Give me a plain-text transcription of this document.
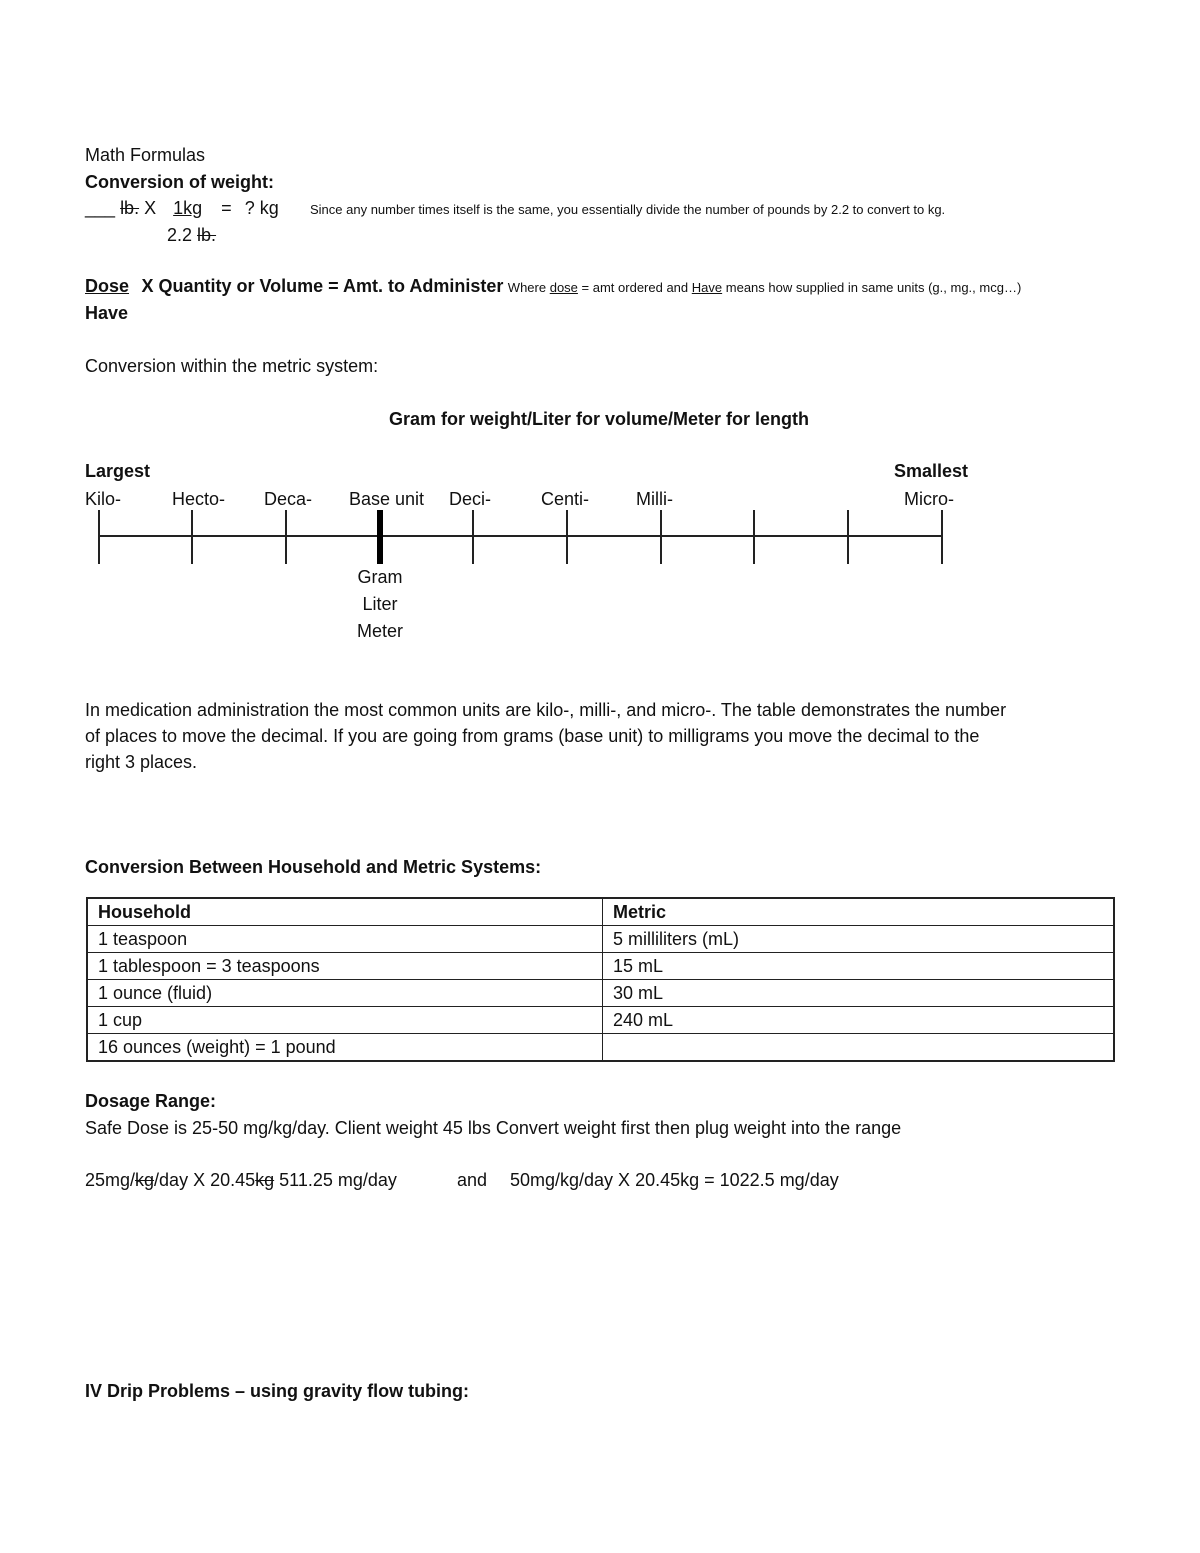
Math Formulas
Conversion of weight:
___ lb. X 1kg = ? kg Since any number times itself is the same, you essentially divide the number of pounds by 2.2 to convert to kg.
2.2 lb.
Dose X Quantity or Volume = Amt. to Administer Where dose = amt ordered and Have means how supplied in same units (g., mg., mcg…)
Have
Conversion within the metric system:
Gram for weight/Liter for volume/Meter for length
Largest	Smallest
Kilo-	Hecto- Deca- Base unit Deci-	Centi-	Milli-	Micro-
Gram
Liter
Meter
In medication administration the most common units are kilo-, milli-, and micro-. The table demonstrates the number
of places to move the decimal. If you are going from grams (base unit) to milligrams you move the decimal to the
right 3 places.
Conversion Between Household and Metric Systems:
Household	Metric
1 teaspoon	5 milliliters (mL)
1 tablespoon = 3 teaspoons	15 mL
1 ounce (fluid)	30 mL
1 cup	240 mL
16 ounces (weight) = 1 pound	
Dosage Range:
Safe Dose is 25-50 mg/kg/day. Client weight 45 lbs Convert weight first then plug weight into the range
25mg/kg/day X 20.45kg 511.25 mg/day	and 50mg/kg/day X 20.45kg = 1022.5 mg/day
IV Drip Problems – using gravity flow tubing:
